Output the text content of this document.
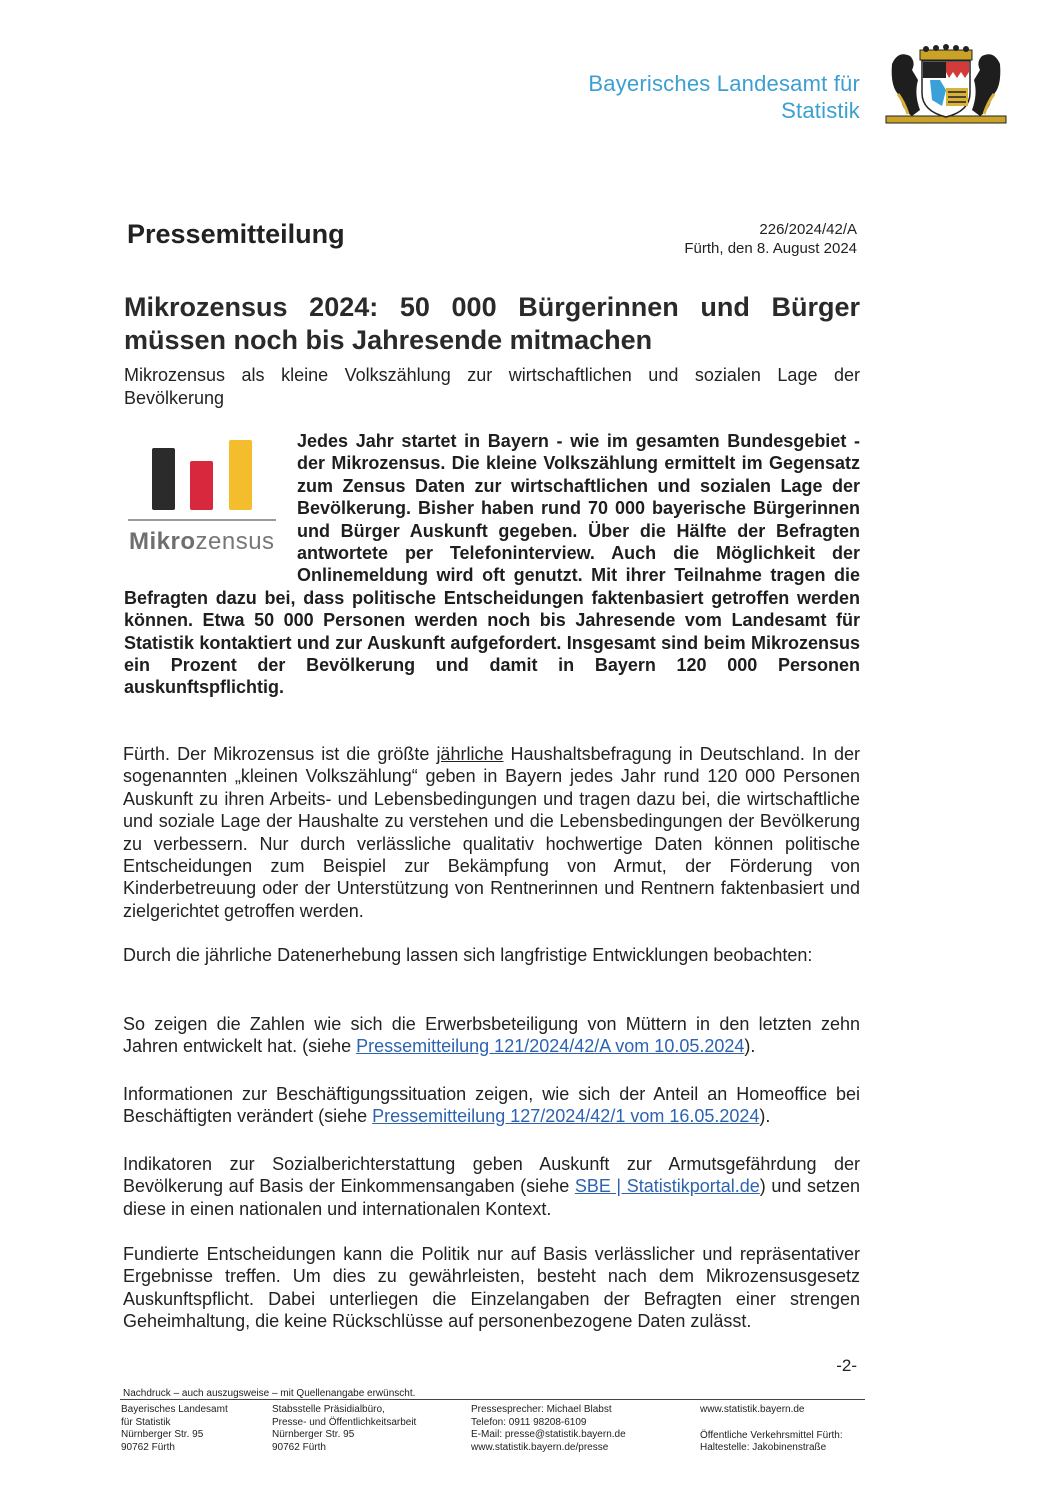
Bayerisches Landesamt für
Statistik
Pressemitteilung	226/2024/42/A
Fürth, den 8. August 2024
Mikrozensus 2024: 50 000 Bürgerinnen und Bürger müssen noch bis Jahresende mitmachen
Mikrozensus als kleine Volkszählung zur wirtschaftlichen und sozialen Lage der Bevölkerung
Jedes Jahr startet in Bayern - wie im gesamten Bundesgebiet - der Mikrozensus. Die kleine Volkszählung ermittelt im Gegensatz zum Zensus Daten zur wirtschaftlichen und sozialen Lage der Bevölkerung. Bisher haben rund 70 000 bayerische Bürgerinnen und Bürger Auskunft gegeben. Über die Hälfte der Befragten antwortete per Telefoninterview. Auch die Möglichkeit der Onlinemeldung wird oft genutzt. Mit ihrer Teilnahme tragen die Befragten dazu bei, dass politische Entscheidungen faktenbasiert getroffen werden können. Etwa 50 000 Personen werden noch bis Jahresende vom Landesamt für Statistik kontaktiert und zur Auskunft aufgefordert. Insgesamt sind beim Mikrozensus ein Prozent der Bevölkerung und damit in Bayern 120 000 Personen auskunftspflichtig.
Mikrozensus

Fürth. Der Mikrozensus ist die größte jährliche Haushaltsbefragung in Deutschland. In der sogenannten „kleinen Volkszählung“ geben in Bayern jedes Jahr rund 120 000 Personen Auskunft zu ihren Arbeits- und Lebensbedingungen und tragen dazu bei, die wirtschaftliche und soziale Lage der Haushalte zu verstehen und die Lebensbedingungen der Bevölkerung zu verbessern. Nur durch verlässliche qualitativ hochwertige Daten können politische Entscheidungen zum Beispiel zur Bekämpfung von Armut, der Förderung von Kinderbetreuung oder der Unterstützung von Rentnerinnen und Rentnern faktenbasiert und zielgerichtet getroffen werden.

Durch die jährliche Datenerhebung lassen sich langfristige Entwicklungen beobachten:

So zeigen die Zahlen wie sich die Erwerbsbeteiligung von Müttern in den letzten zehn Jahren entwickelt hat. (siehe Pressemitteilung 121/2024/42/A vom 10.05.2024).

Informationen zur Beschäftigungssituation zeigen, wie sich der Anteil an Homeoffice bei Beschäftigten verändert (siehe Pressemitteilung 127/2024/42/1 vom 16.05.2024).

Indikatoren zur Sozialberichterstattung geben Auskunft zur Armutsgefährdung der Bevölkerung auf Basis der Einkommensangaben (siehe SBE | Statistikportal.de) und setzen diese in einen nationalen und internationalen Kontext.

Fundierte Entscheidungen kann die Politik nur auf Basis verlässlicher und repräsentativer Ergebnisse treffen. Um dies zu gewährleisten, besteht nach dem Mikrozensusgesetz Auskunftspflicht. Dabei unterliegen die Einzelangaben der Befragten einer strengen Geheimhaltung, die keine Rückschlüsse auf personenbezogene Daten zulässt.

-2-
Nachdruck – auch auszugsweise – mit Quellenangabe erwünscht.
Bayerisches Landesamt
für Statistik
Nürnberger Str. 95
90762 Fürth
Stabsstelle Präsidialbüro,
Presse- und Öffentlichkeitsarbeit
Nürnberger Str. 95
90762 Fürth
Pressesprecher: Michael Blabst
Telefon: 0911 98208-6109
E-Mail: presse@statistik.bayern.de
www.statistik.bayern.de/presse
www.statistik.bayern.de
Öffentliche Verkehrsmittel Fürth:
Haltestelle: Jakobinenstraße
